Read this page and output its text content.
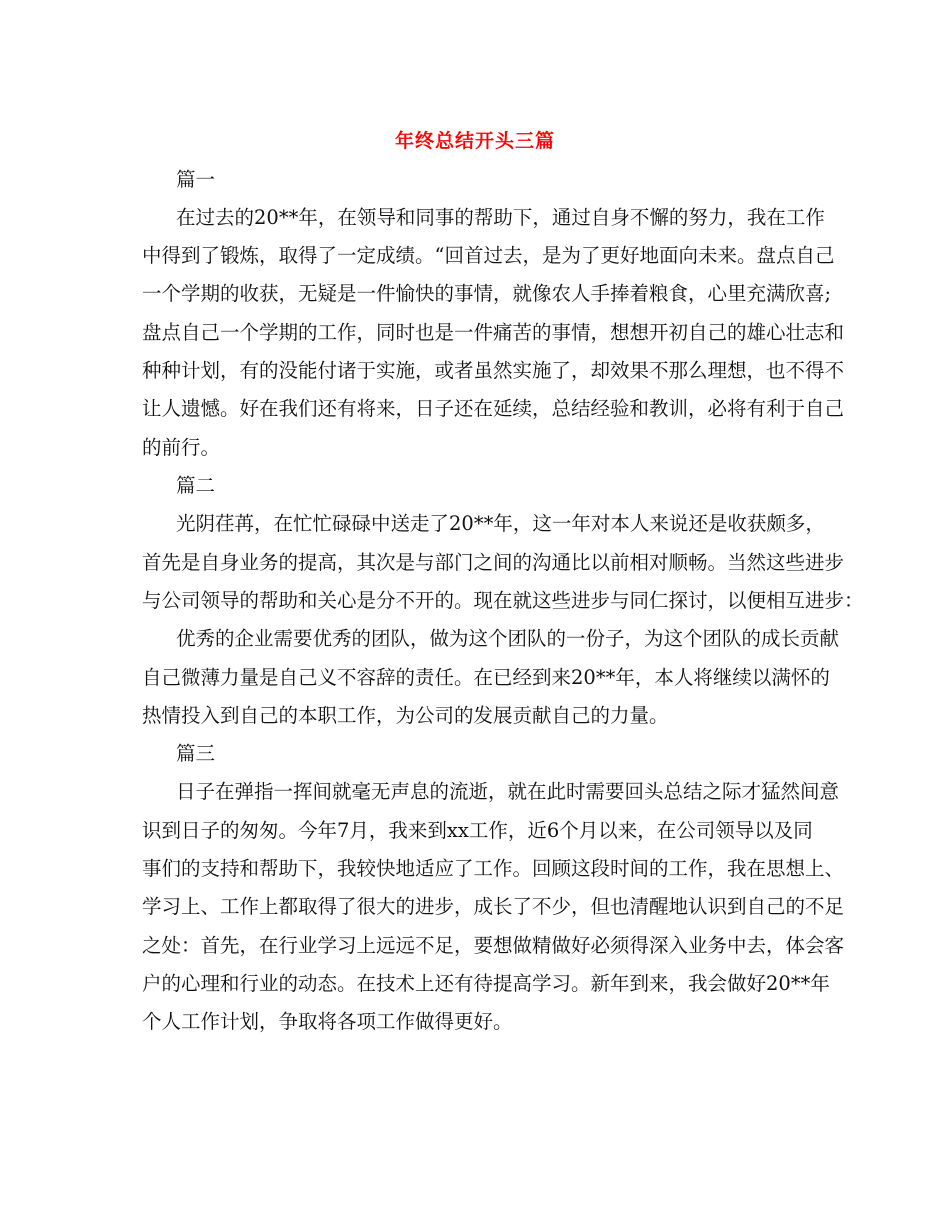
年终总结开头三篇
篇一
在过去的20**年，在领导和同事的帮助下，通过自身不懈的努力，我在工作
中得到了锻炼，取得了一定成绩。“回首过去，是为了更好地面向未来。盘点自己
一个学期的收获，无疑是一件愉快的事情，就像农人手捧着粮食，心里充满欣喜;
盘点自己一个学期的工作，同时也是一件痛苦的事情，想想开初自己的雄心壮志和
种种计划，有的没能付诸于实施，或者虽然实施了，却效果不那么理想，也不得不
让人遗憾。好在我们还有将来，日子还在延续，总结经验和教训，必将有利于自己
的前行。
篇二
光阴荏苒，在忙忙碌碌中送走了20**年，这一年对本人来说还是收获颇多，
首先是自身业务的提高，其次是与部门之间的沟通比以前相对顺畅。当然这些进步
与公司领导的帮助和关心是分不开的。现在就这些进步与同仁探讨，以便相互进步：
优秀的企业需要优秀的团队，做为这个团队的一份子，为这个团队的成长贡献
自己微薄力量是自己义不容辞的责任。在已经到来20**年，本人将继续以满怀的
热情投入到自己的本职工作，为公司的发展贡献自己的力量。
篇三
日子在弹指一挥间就毫无声息的流逝，就在此时需要回头总结之际才猛然间意
识到日子的匆匆。今年7月，我来到xx工作，近6个月以来，在公司领导以及同
事们的支持和帮助下，我较快地适应了工作。回顾这段时间的工作，我在思想上、
学习上、工作上都取得了很大的进步，成长了不少，但也清醒地认识到自己的不足
之处：首先，在行业学习上远远不足，要想做精做好必须得深入业务中去，体会客
户的心理和行业的动态。在技术上还有待提高学习。新年到来，我会做好20**年
个人工作计划，争取将各项工作做得更好。
